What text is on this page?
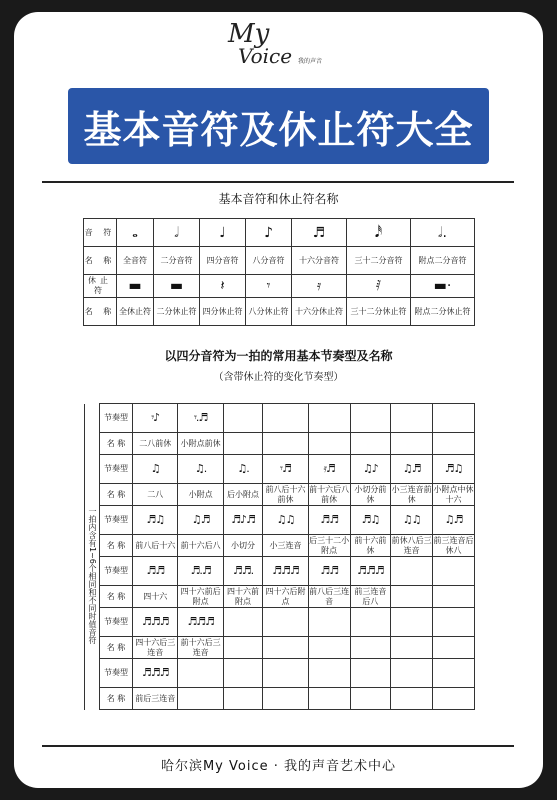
My
Voice 我的声音
基本音符及休止符大全
基本音符和休止符名称
音 符	𝅝	𝅗𝅥	♩	♪	♬	𝅘𝅥𝅰	𝅗𝅥.
名 称	全音符	二分音符	四分音符	八分音符	十六分音符	三十二分音符	附点二分音符
休止符	▬	▬	𝄽	𝄾	𝄿	𝅀	▬·
名 称	全休止符	二分休止符	四分休止符	八分休止符	十六分休止符	三十二分休止符	附点二分休止符
以四分音符为一拍的常用基本节奏型及名称
（含带休止符的变化节奏型）
	节奏型	𝄾♪	𝄾.♬						
	名 称	二八前休	小附点前休						
	节奏型	♫	♫.	♫.	𝄾♬	𝄿♬	♫♪	♫♬	♬♫
	名 称	二八	小附点	后小附点	前八后十六前休	前十六后八前休	小切分前休	小三连音前休	小附点中休十六
	节奏型	♬♫	♫♬	♬♪♬	♫♫	♬♬	♬♫	♫♫	♫♬
	名 称	前八后十六	前十六后八	小切分	小三连音	后三十二小附点	前十六前休	前休八后三连音	前三连音后休八
	节奏型	♬♬	♬.♬	♬♬.	♬♬♬	♬♬	♬♬♬		
	名 称	四十六	四十六前后附点	四十六前附点	四十六后附点	前八后三连音	前三连音后八		
	节奏型	♬♬♬	♬♬♬						
	名 称	四十六后三连音	前十六后三连音						
	节奏型	♬♬♬							
	名 称	前后三连音							
一拍内含有1~6个相同和不同时值音符
哈尔滨My Voice · 我的声音艺术中心
